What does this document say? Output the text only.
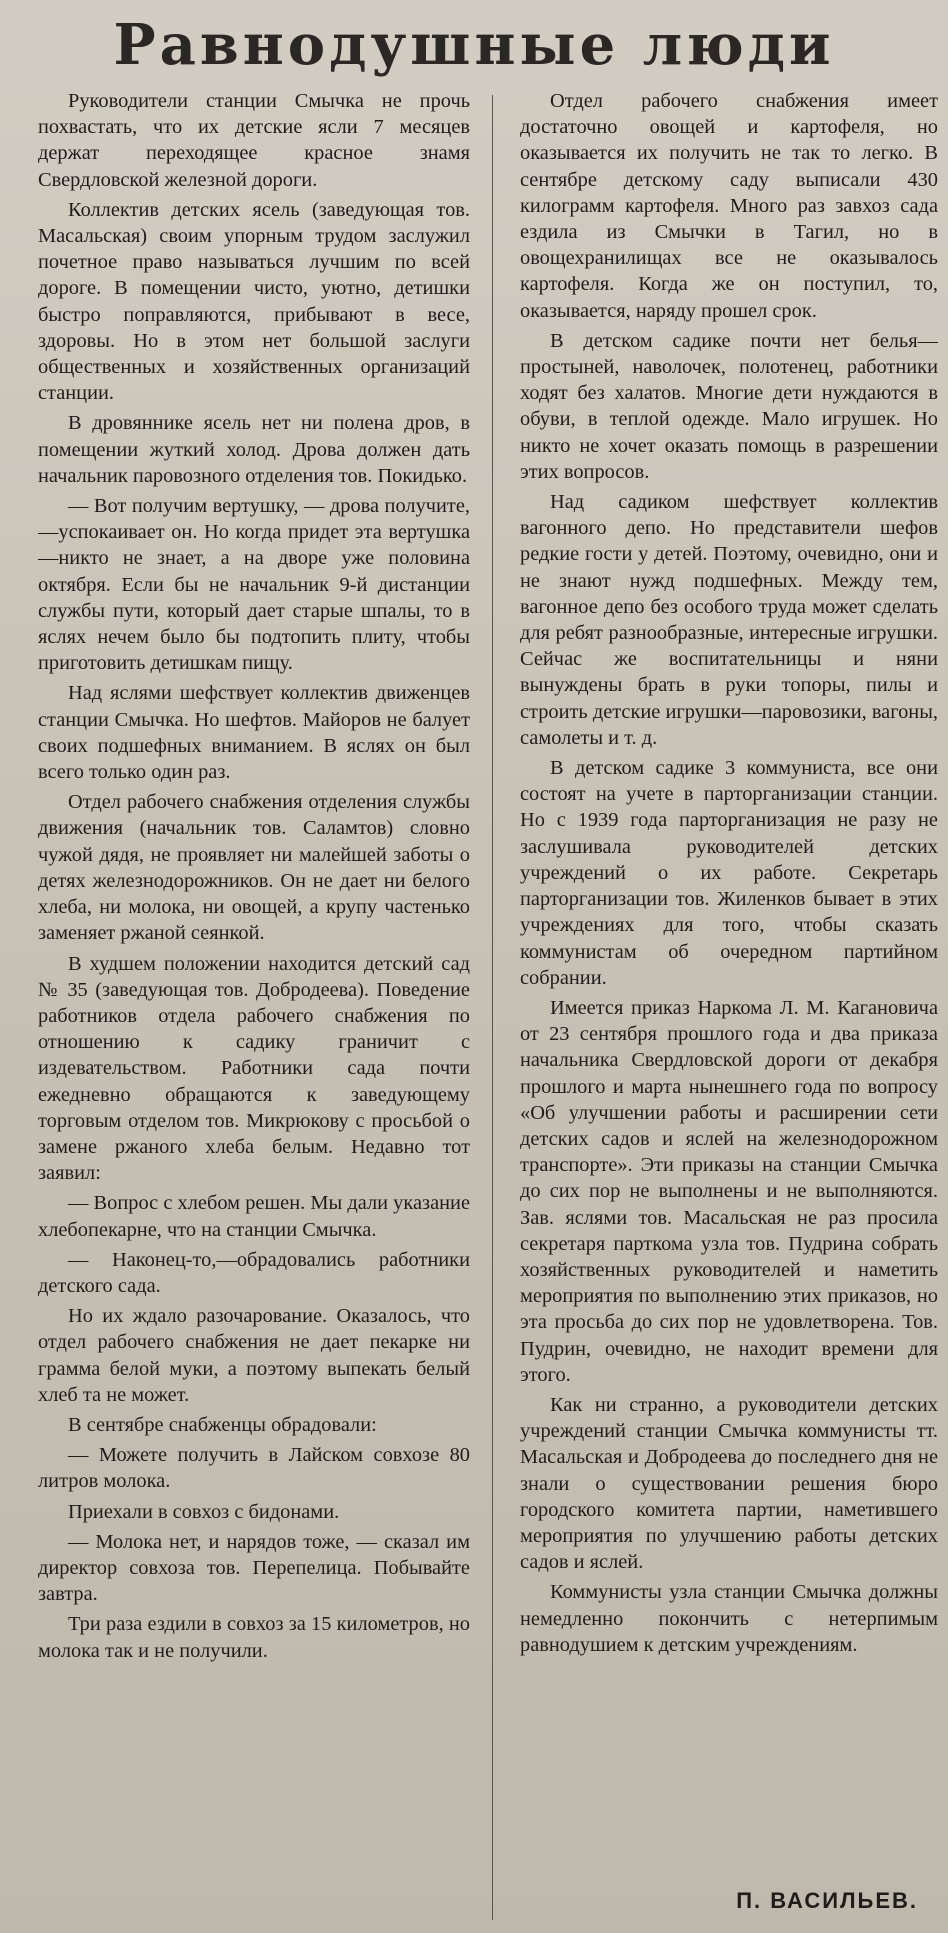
Равнодушные люди

Руководители станции Смычка не прочь похвастать, что их детские ясли 7 месяцев держат переходящее красное знамя Свердловской железной дороги.

Коллектив детских ясель (заведующая тов. Масальская) своим упорным трудом заслужил почетное право называться лучшим по всей дороге. В помещении чисто, уютно, детишки быстро поправляются, прибывают в весе, здоровы. Но в этом нет большой заслуги общественных и хозяйственных организаций станции.

В дровяннике ясель нет ни полена дров, в помещении жуткий холод. Дрова должен дать начальник паровозного отделения тов. Покидько.

— Вот получим вертушку, — дрова получите,—успокаивает он. Но когда придет эта вертушка—никто не знает, а на дворе уже половина октября. Если бы не начальник 9-й дистанции службы пути, который дает старые шпалы, то в яслях нечем было бы подтопить плиту, чтобы приготовить детишкам пищу.

Над яслями шефствует коллектив движенцев станции Смычка. Но шефтов. Майоров не балует своих подшефных вниманием. В яслях он был всего только один раз.

Отдел рабочего снабжения отделения службы движения (начальник тов. Саламтов) словно чужой дядя, не проявляет ни малейшей заботы о детях железнодорожников. Он не дает ни белого хлеба, ни молока, ни овощей, а крупу частенько заменяет ржаной сеянкой.

В худшем положении находится детский сад № 35 (заведующая тов. Добродеева). Поведение работников отдела рабочего снабжения по отношению к садику граничит с издевательством. Работники сада почти ежедневно обращаются к заведующему торговым отделом тов. Микрюкову с просьбой о замене ржаного хлеба белым. Недавно тот заявил:

— Вопрос с хлебом решен. Мы дали указание хлебопекарне, что на станции Смычка.

— Наконец-то,—обрадовались работники детского сада.

Но их ждало разочарование. Оказалось, что отдел рабочего снабжения не дает пекарке ни грамма белой муки, а поэтому выпекать белый хлеб та не может.

В сентябре снабженцы обрадовали:

— Можете получить в Лайском совхозе 80 литров молока.

Приехали в совхоз с бидонами.

— Молока нет, и нарядов тоже, — сказал им директор совхоза тов. Перепелица. Побывайте завтра.

Три раза ездили в совхоз за 15 километров, но молока так и не получили.

Отдел рабочего снабжения имеет достаточно овощей и картофеля, но оказывается их получить не так то легко. В сентябре детскому саду выписали 430 килограмм картофеля. Много раз завхоз сада ездила из Смычки в Тагил, но в овощехранилищах все не оказывалось картофеля. Когда же он поступил, то, оказывается, наряду прошел срок.

В детском садике почти нет белья—простыней, наволочек, полотенец, работники ходят без халатов. Многие дети нуждаются в обуви, в теплой одежде. Мало игрушек. Но никто не хочет оказать помощь в разрешении этих вопросов.

Над садиком шефствует коллектив вагонного депо. Но представители шефов редкие гости у детей. Поэтому, очевидно, они и не знают нужд подшефных. Между тем, вагонное депо без особого труда может сделать для ребят разнообразные, интересные игрушки. Сейчас же воспитательницы и няни вынуждены брать в руки топоры, пилы и строить детские игрушки—паровозики, вагоны, самолеты и т. д.

В детском садике 3 коммуниста, все они состоят на учете в парторганизации станции. Но с 1939 года парторганизация не разу не заслушивала руководителей детских учреждений о их работе. Секретарь парторганизации тов. Жиленков бывает в этих учреждениях для того, чтобы сказать коммунистам об очередном партийном собрании.

Имеется приказ Наркома Л. М. Кагановича от 23 сентября прошлого года и два приказа начальника Свердловской дороги от декабря прошлого и марта нынешнего года по вопросу «Об улучшении работы и расширении сети детских садов и яслей на железнодорожном транспорте». Эти приказы на станции Смычка до сих пор не выполнены и не выполняются. Зав. яслями тов. Масальская не раз просила секретаря парткома узла тов. Пудрина собрать хозяйственных руководителей и наметить мероприятия по выполнению этих приказов, но эта просьба до сих пор не удовлетворена. Тов. Пудрин, очевидно, не находит времени для этого.

Как ни странно, а руководители детских учреждений станции Смычка коммунисты тт. Масальская и Добродеева до последнего дня не знали о существовании решения бюро городского комитета партии, наметившего мероприятия по улучшению работы детских садов и яслей.

Коммунисты узла станции Смычка должны немедленно покончить с нетерпимым равнодушием к детским учреждениям.

П. ВАСИЛЬЕВ.
